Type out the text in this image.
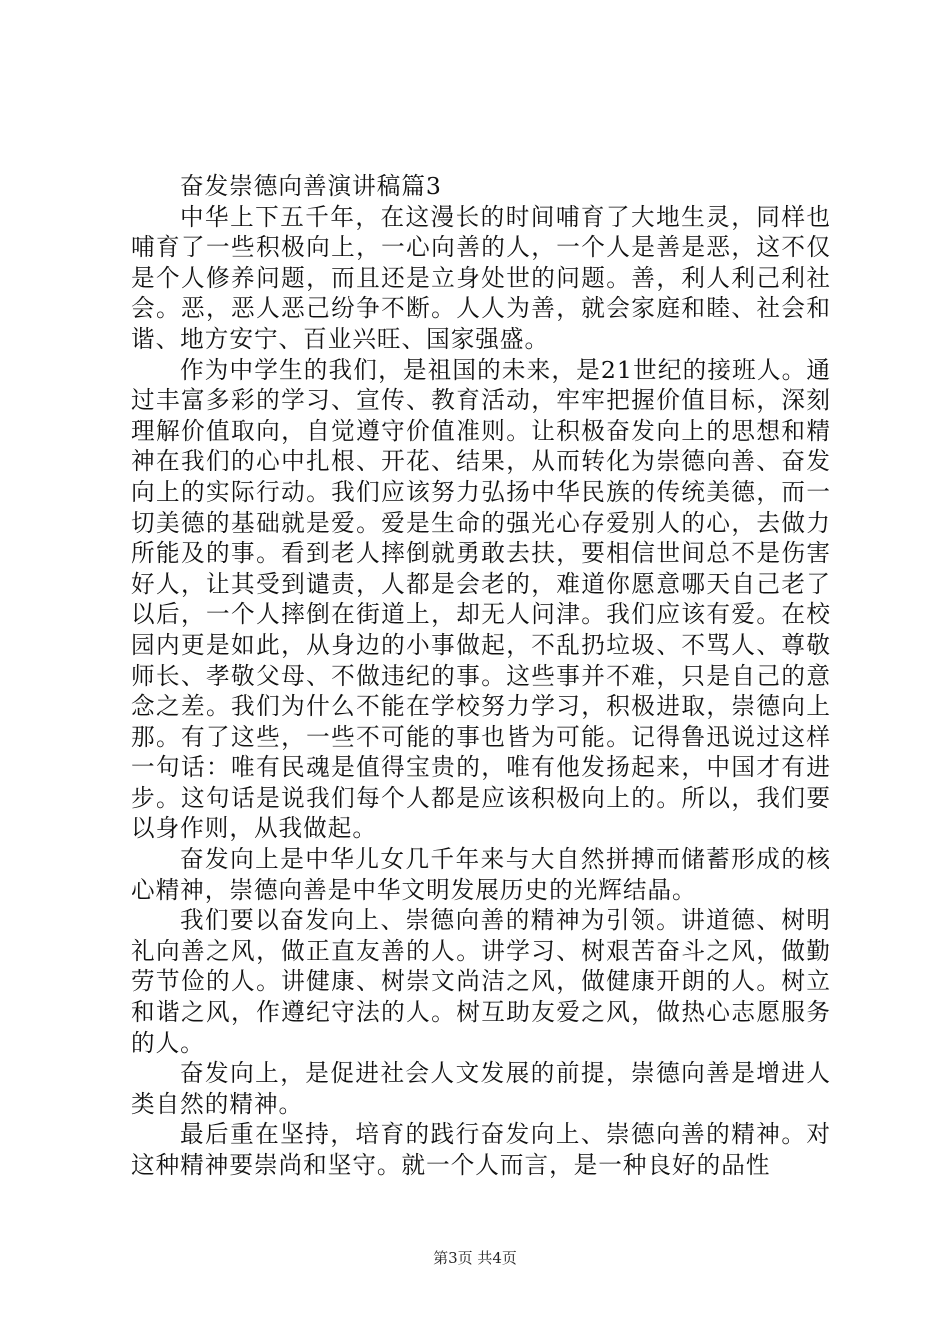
奋发崇德向善演讲稿篇3

中华上下五千年，在这漫长的时间哺育了大地生灵，同样也哺育了一些积极向上，一心向善的人，一个人是善是恶，这不仅是个人修养问题，而且还是立身处世的问题。善，利人利己利社会。恶，恶人恶己纷争不断。人人为善，就会家庭和睦、社会和谐、地方安宁、百业兴旺、国家强盛。

作为中学生的我们，是祖国的未来，是21世纪的接班人。通过丰富多彩的学习、宣传、教育活动，牢牢把握价值目标，深刻理解价值取向，自觉遵守价值准则。让积极奋发向上的思想和精神在我们的心中扎根、开花、结果，从而转化为崇德向善、奋发向上的实际行动。我们应该努力弘扬中华民族的传统美德，而一切美德的基础就是爱。爱是生命的强光心存爱别人的心，去做力所能及的事。看到老人摔倒就勇敢去扶，要相信世间总不是伤害好人，让其受到谴责，人都是会老的，难道你愿意哪天自己老了以后，一个人摔倒在街道上，却无人问津。我们应该有爱。在校园内更是如此，从身边的小事做起，不乱扔垃圾、不骂人、尊敬师长、孝敬父母、不做违纪的事。这些事并不难，只是自己的意念之差。我们为什么不能在学校努力学习，积极进取，崇德向上那。有了这些，一些不可能的事也皆为可能。记得鲁迅说过这样一句话：唯有民魂是值得宝贵的，唯有他发扬起来，中国才有进步。这句话是说我们每个人都是应该积极向上的。所以，我们要以身作则，从我做起。

奋发向上是中华儿女几千年来与大自然拼搏而储蓄形成的核心精神，崇德向善是中华文明发展历史的光辉结晶。

我们要以奋发向上、崇德向善的精神为引领。讲道德、树明礼向善之风，做正直友善的人。讲学习、树艰苦奋斗之风，做勤劳节俭的人。讲健康、树崇文尚洁之风，做健康开朗的人。树立和谐之风，作遵纪守法的人。树互助友爱之风，做热心志愿服务的人。

奋发向上，是促进社会人文发展的前提，崇德向善是增进人类自然的精神。

最后重在坚持，培育的践行奋发向上、崇德向善的精神。对这种精神要崇尚和坚守。就一个人而言，是一种良好的品性

第3页 共4页
